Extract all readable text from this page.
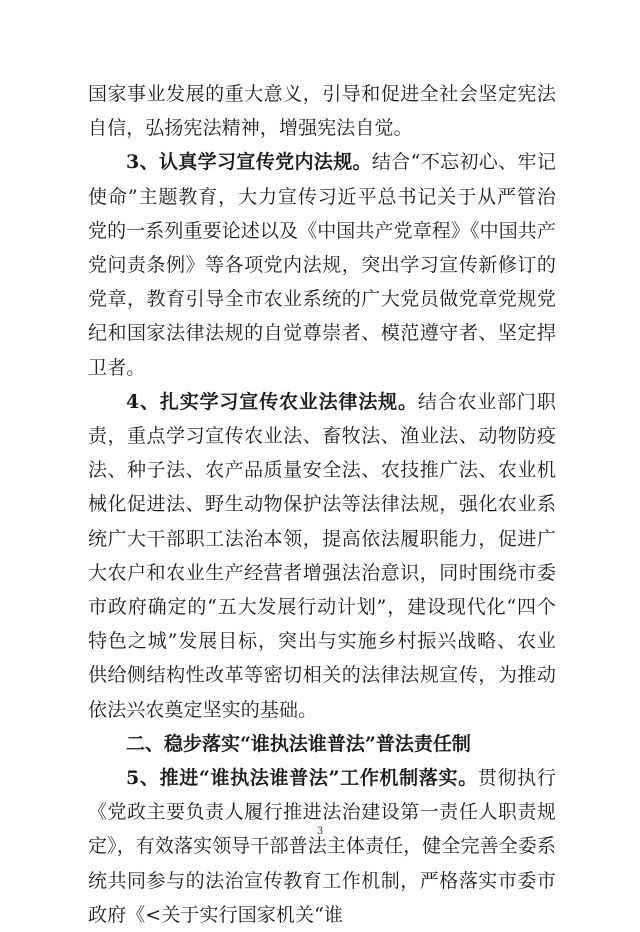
国家事业发展的重大意义，引导和促进全社会坚定宪法自信，弘扬宪法精神，增强宪法自觉。

3、认真学习宣传党内法规。结合“不忘初心、牢记使命”主题教育，大力宣传习近平总书记关于从严管治党的一系列重要论述以及《中国共产党章程》《中国共产党问责条例》等各项党内法规，突出学习宣传新修订的党章，教育引导全市农业系统的广大党员做党章党规党纪和国家法律法规的自觉尊崇者、模范遵守者、坚定捍卫者。

4、扎实学习宣传农业法律法规。结合农业部门职责，重点学习宣传农业法、畜牧法、渔业法、动物防疫法、种子法、农产品质量安全法、农技推广法、农业机械化促进法、野生动物保护法等法律法规，强化农业系统广大干部职工法治本领，提高依法履职能力，促进广大农户和农业生产经营者增强法治意识，同时围绕市委市政府确定的“五大发展行动计划”，建设现代化“四个特色之城”发展目标，突出与实施乡村振兴战略、农业供给侧结构性改革等密切相关的法律法规宣传，为推动依法兴农奠定坚实的基础。

二、稳步落实“谁执法谁普法”普法责任制

5、推进“谁执法谁普法”工作机制落实。贯彻执行《党政主要负责人履行推进法治建设第一责任人职责规定》，有效落实领导干部普法主体责任，健全完善全委系统共同参与的法治宣传教育工作机制，严格落实市委市政府《<关于实行国家机关“谁

3
